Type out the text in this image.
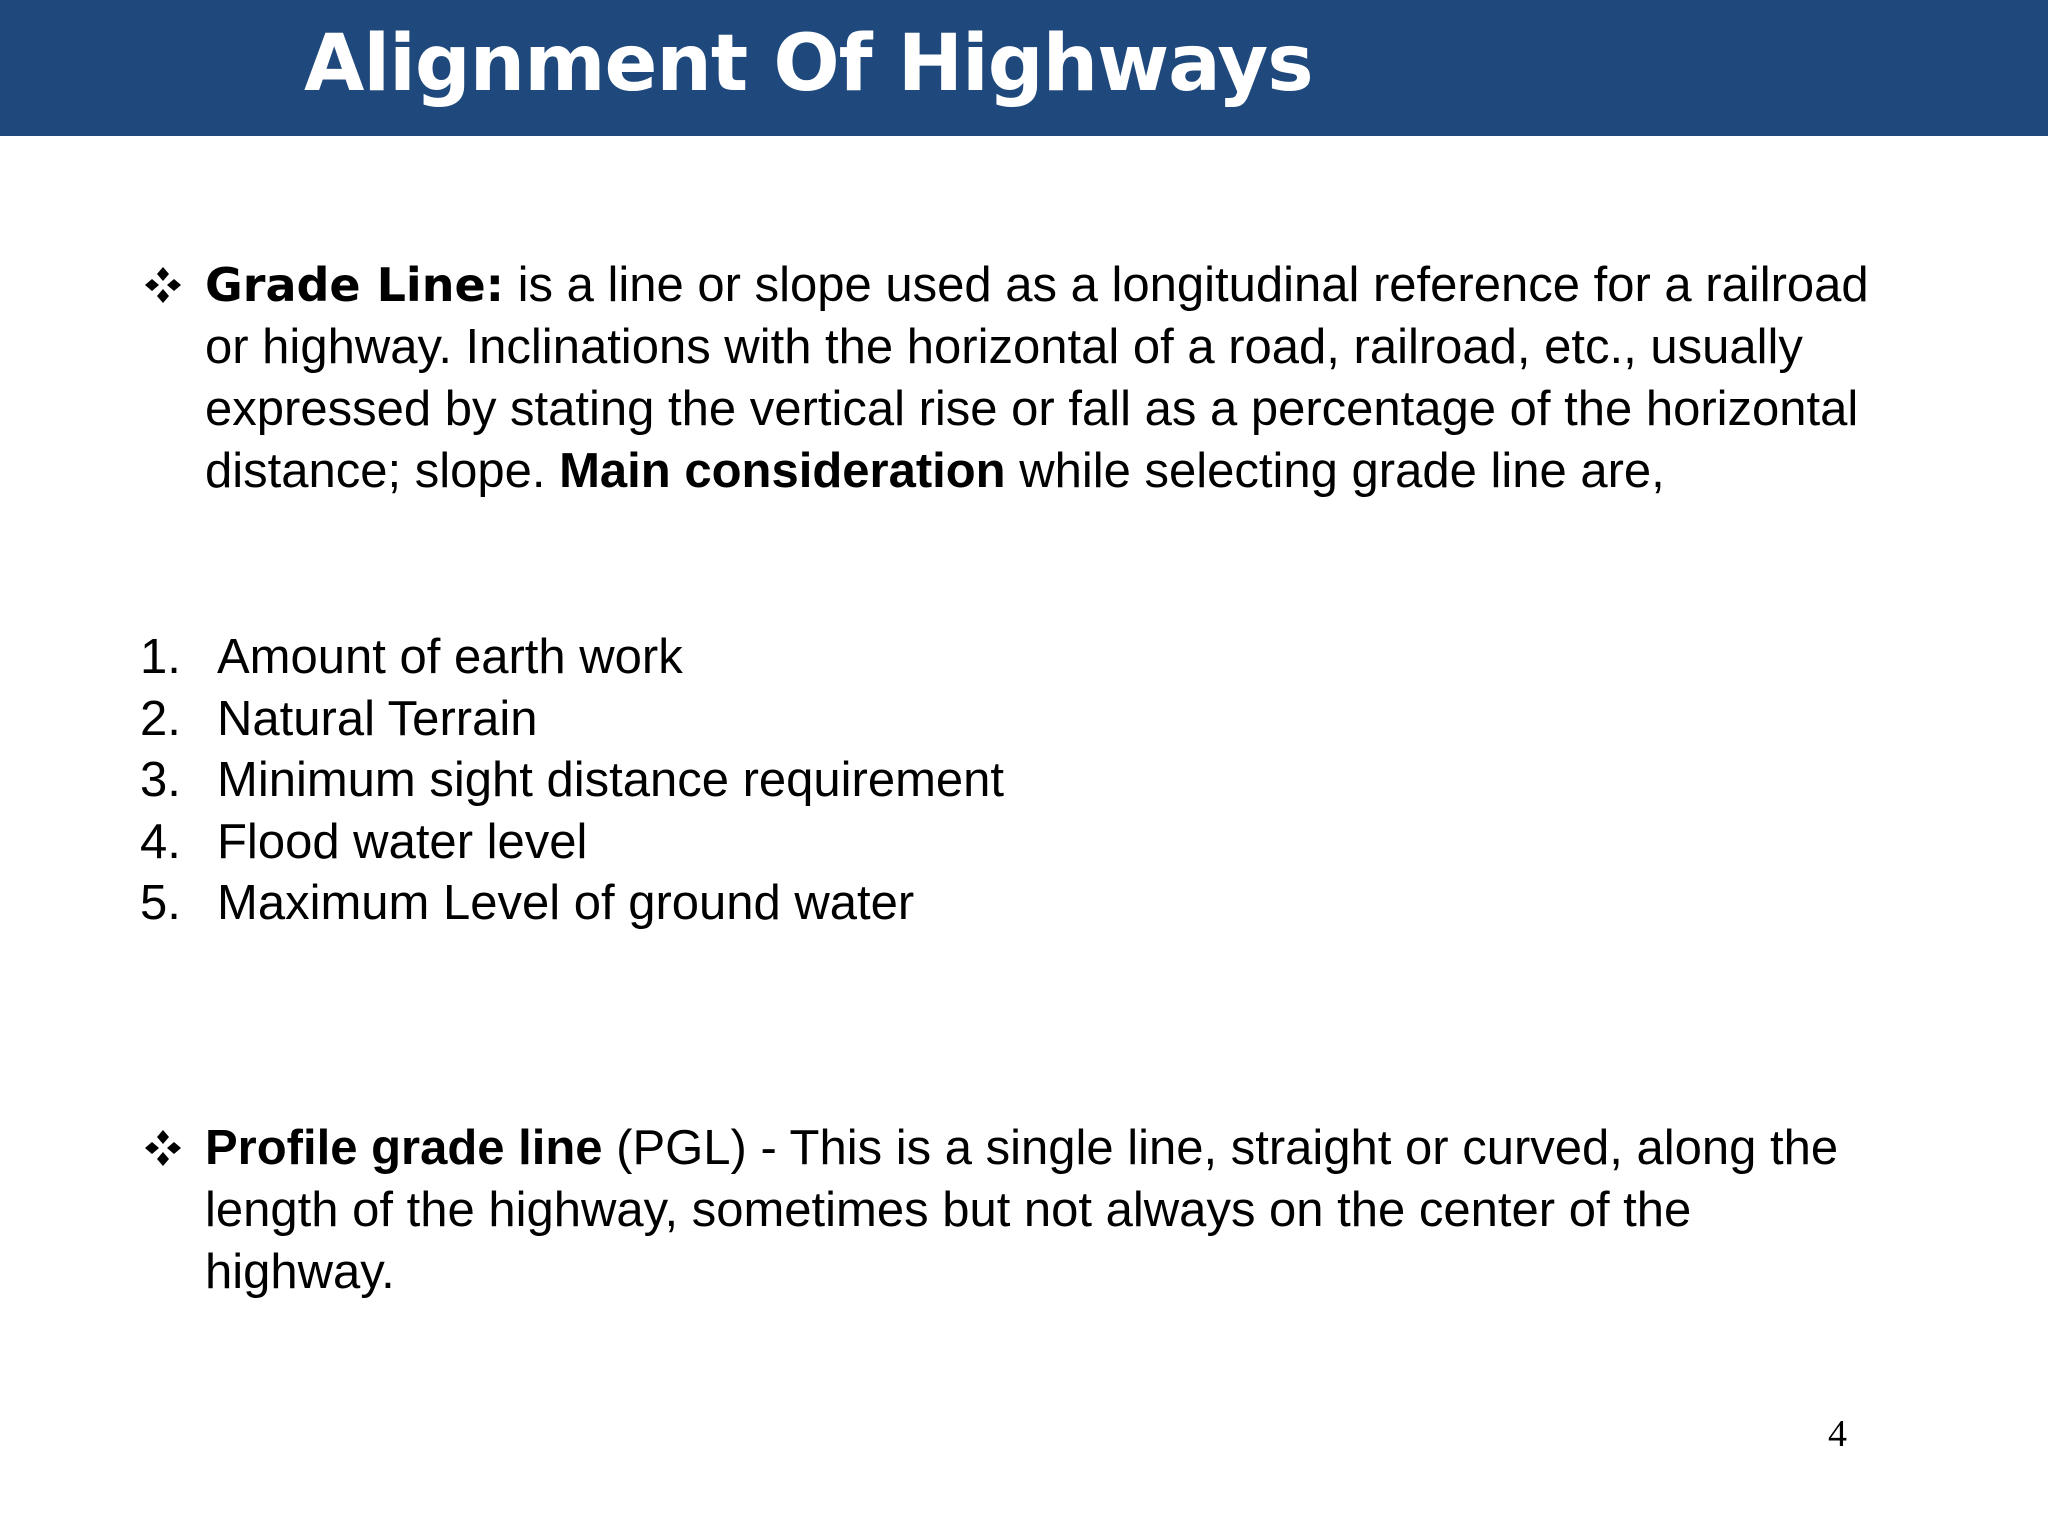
Alignment Of Highways

Grade Line: is a line or slope used as a longitudinal reference for a railroad or highway. Inclinations with the horizontal of a road, railroad, etc., usually expressed by stating the vertical rise or fall as a percentage of the horizontal distance; slope. Main consideration while selecting grade line are,

1. Amount of earth work
2. Natural Terrain
3. Minimum sight distance requirement
4. Flood water level
5. Maximum Level of ground water

Profile grade line (PGL) - This is a single line, straight or curved, along the length of the highway, sometimes but not always on the center of the highway.

4
